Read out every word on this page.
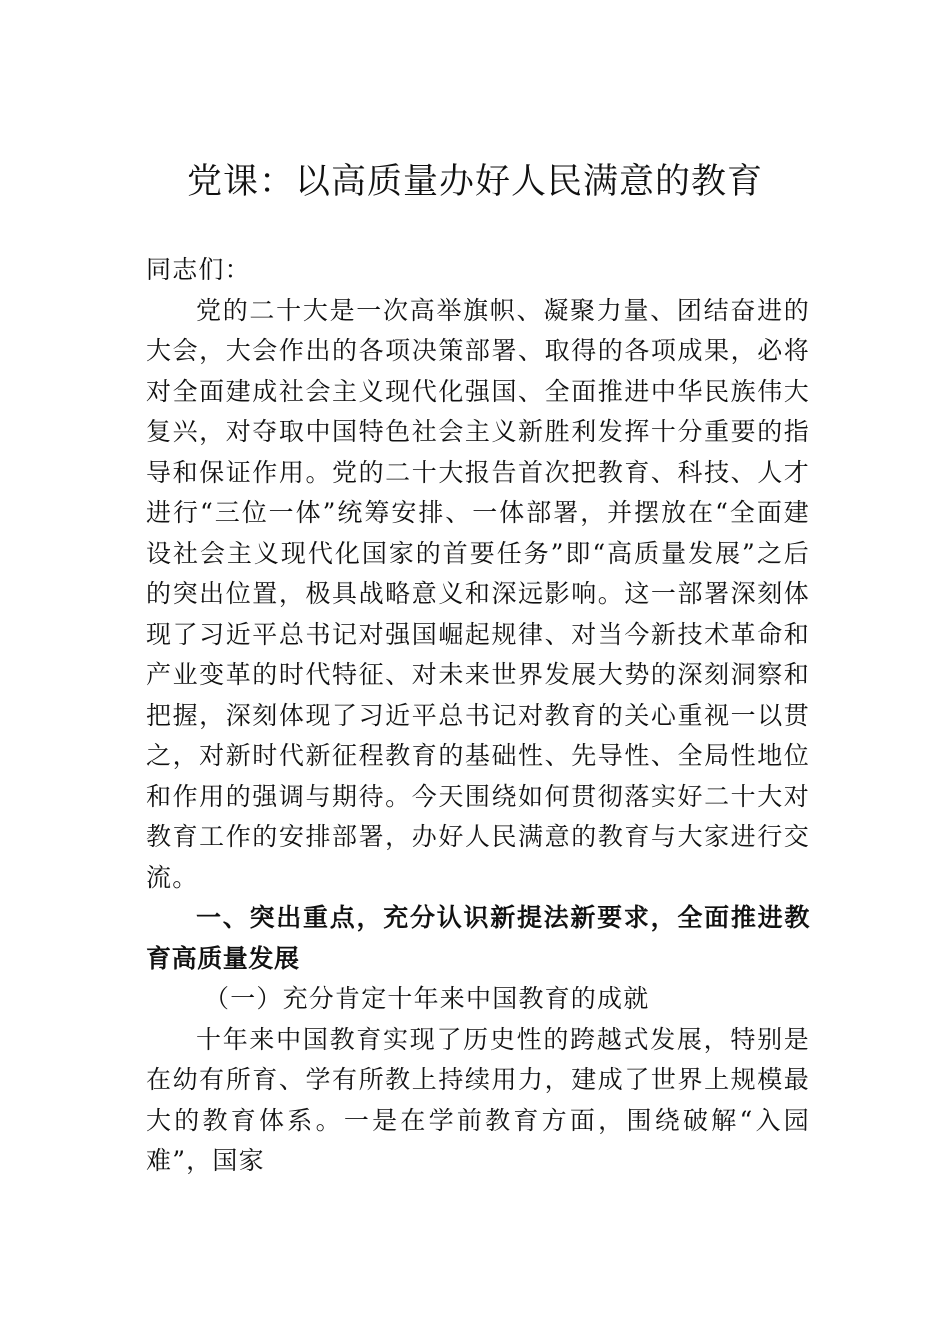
党课：以高质量办好人民满意的教育

同志们：

党的二十大是一次高举旗帜、凝聚力量、团结奋进的大会，大会作出的各项决策部署、取得的各项成果，必将对全面建成社会主义现代化强国、全面推进中华民族伟大复兴，对夺取中国特色社会主义新胜利发挥十分重要的指导和保证作用。党的二十大报告首次把教育、科技、人才进行“三位一体”统筹安排、一体部署，并摆放在“全面建设社会主义现代化国家的首要任务”即“高质量发展”之后的突出位置，极具战略意义和深远影响。这一部署深刻体现了习近平总书记对强国崛起规律、对当今新技术革命和产业变革的时代特征、对未来世界发展大势的深刻洞察和把握，深刻体现了习近平总书记对教育的关心重视一以贯之，对新时代新征程教育的基础性、先导性、全局性地位和作用的强调与期待。今天围绕如何贯彻落实好二十大对教育工作的安排部署，办好人民满意的教育与大家进行交流。

一、突出重点，充分认识新提法新要求，全面推进教育高质量发展

（一）充分肯定十年来中国教育的成就

十年来中国教育实现了历史性的跨越式发展，特别是在幼有所育、学有所教上持续用力，建成了世界上规模最大的教育体系。一是在学前教育方面，围绕破解“入园难”，国家
